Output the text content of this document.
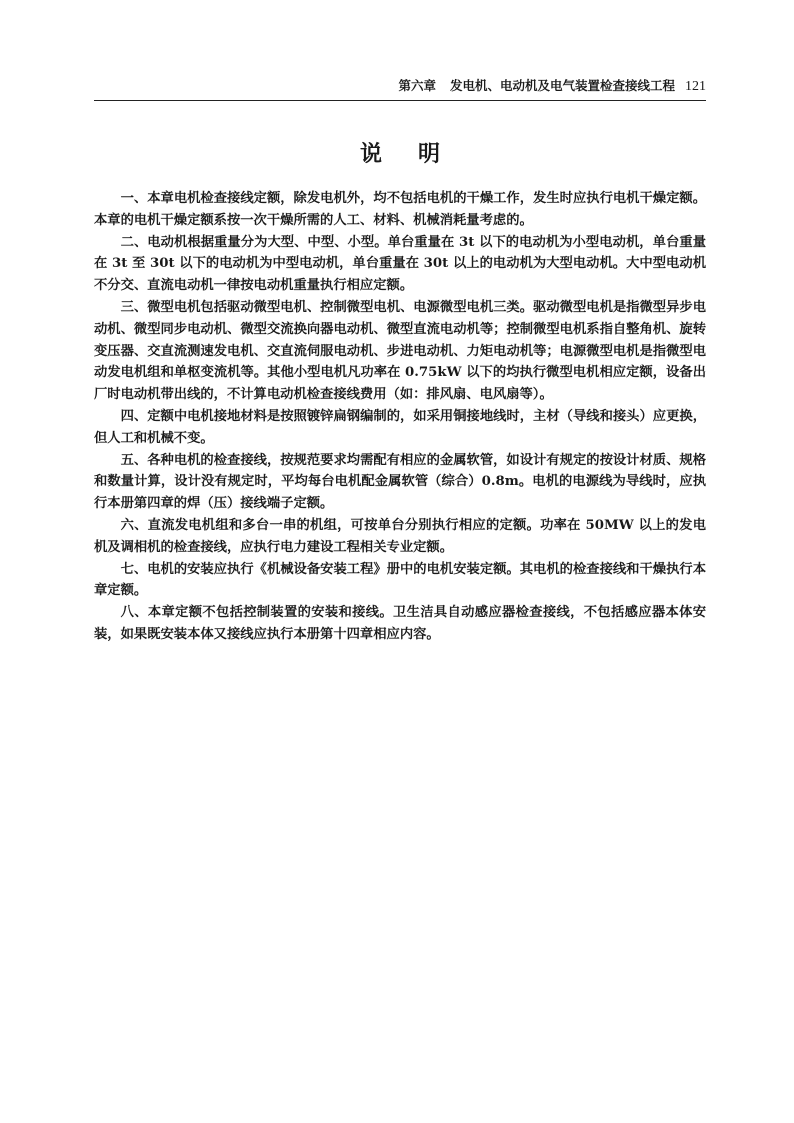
第六章 发电机、电动机及电气装置检查接线工程 121
说明

一、本章电机检查接线定额，除发电机外，均不包括电机的干燥工作，发生时应执行电机干燥定额。本章的电机干燥定额系按一次干燥所需的人工、材料、机械消耗量考虑的。

二、电动机根据重量分为大型、中型、小型。单台重量在 3t 以下的电动机为小型电动机，单台重量在 3t 至 30t 以下的电动机为中型电动机，单台重量在 30t 以上的电动机为大型电动机。大中型电动机不分交、直流电动机一律按电动机重量执行相应定额。

三、微型电机包括驱动微型电机、控制微型电机、电源微型电机三类。驱动微型电机是指微型异步电动机、微型同步电动机、微型交流换向器电动机、微型直流电动机等；控制微型电机系指自整角机、旋转变压器、交直流测速发电机、交直流伺服电动机、步进电动机、力矩电动机等；电源微型电机是指微型电动发电机组和单枢变流机等。其他小型电机凡功率在 0.75kW 以下的均执行微型电机相应定额，设备出厂时电动机带出线的，不计算电动机检查接线费用（如：排风扇、电风扇等）。

四、定额中电机接地材料是按照镀锌扁钢编制的，如采用铜接地线时，主材（导线和接头）应更换，但人工和机械不变。

五、各种电机的检查接线，按规范要求均需配有相应的金属软管，如设计有规定的按设计材质、规格和数量计算，设计没有规定时，平均每台电机配金属软管（综合）0.8m。电机的电源线为导线时，应执行本册第四章的焊（压）接线端子定额。

六、直流发电机组和多台一串的机组，可按单台分别执行相应的定额。功率在 50MW 以上的发电机及调相机的检查接线，应执行电力建设工程相关专业定额。

七、电机的安装应执行《机械设备安装工程》册中的电机安装定额。其电机的检查接线和干燥执行本章定额。

八、本章定额不包括控制装置的安装和接线。卫生洁具自动感应器检查接线，不包括感应器本体安装，如果既安装本体又接线应执行本册第十四章相应内容。
